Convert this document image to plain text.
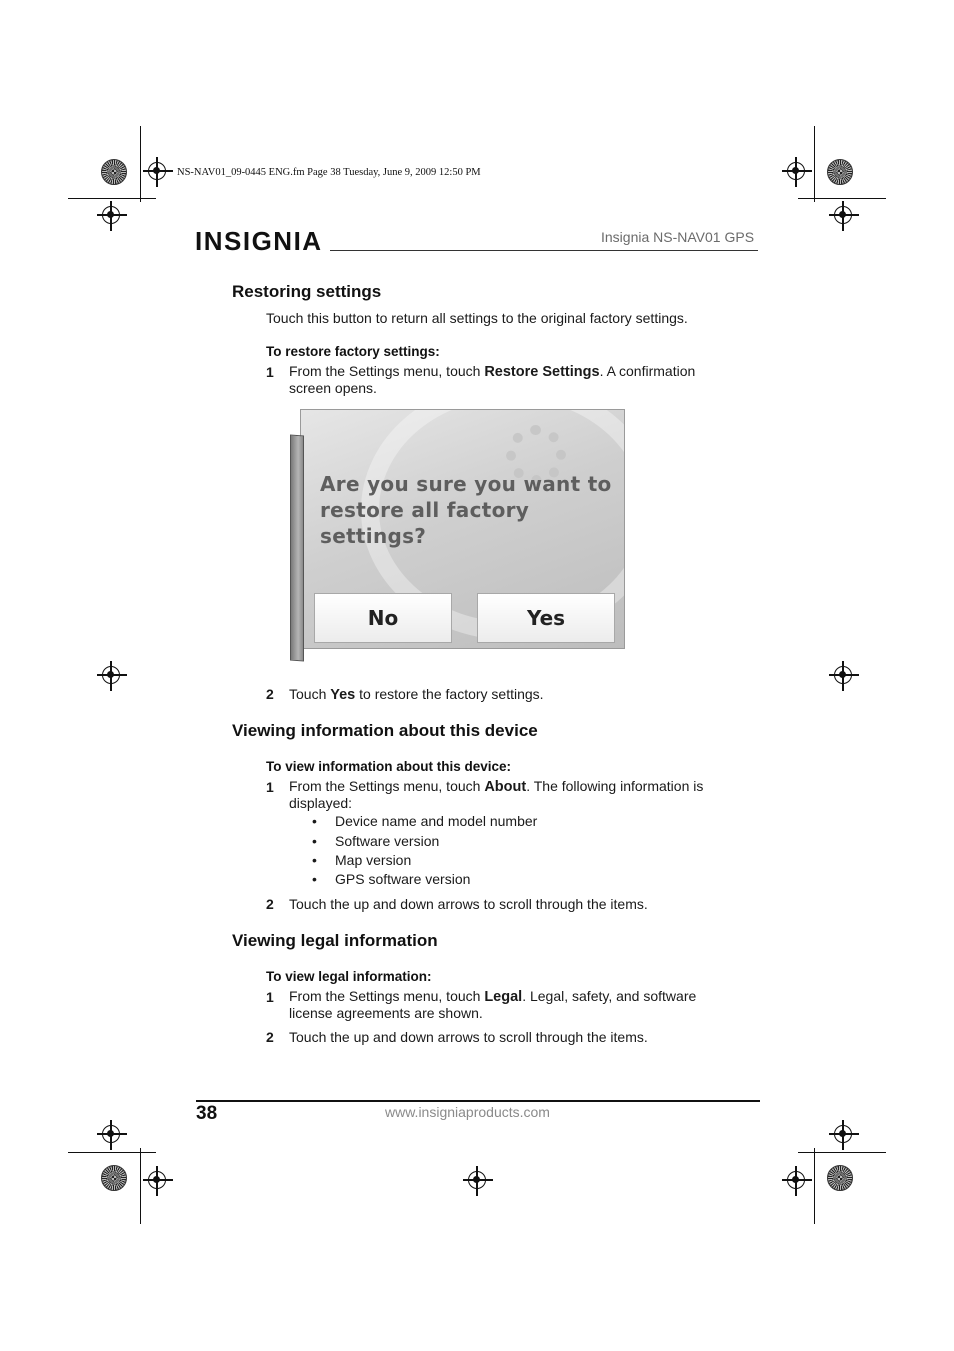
NS-NAV01_09-0445 ENG.fm Page 38 Tuesday, June 9, 2009 12:50 PM
INSIGNIA	Insignia NS-NAV01 GPS
Restoring settings
Touch this button to return all settings to the original factory settings.
To restore factory settings:
1 From the Settings menu, touch Restore Settings. A confirmation
screen opens.
Are you sure you want to
restore all factory settings?
No	Yes
2 Touch Yes to restore the factory settings.
Viewing information about this device
To view information about this device:
1 From the Settings menu, touch About. The following information is
displayed:
• Device name and model number
• Software version
• Map version
• GPS software version
2 Touch the up and down arrows to scroll through the items.
Viewing legal information
To view legal information:
1 From the Settings menu, touch Legal. Legal, safety, and software
license agreements are shown.
2 Touch the up and down arrows to scroll through the items.
38	www.insigniaproducts.com
